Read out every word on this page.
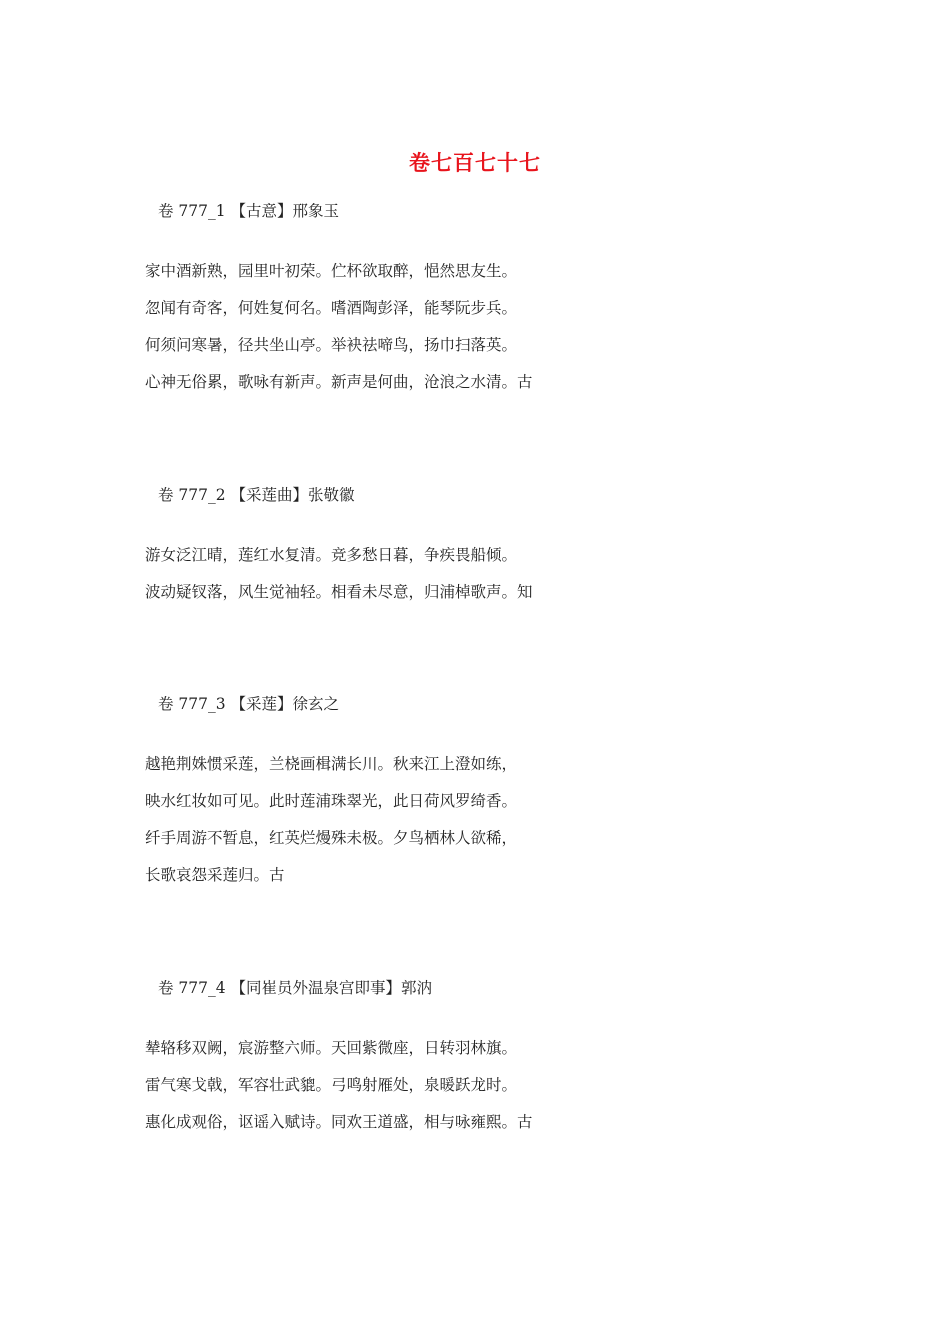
卷七百七十七
卷 777_1 【古意】邢象玉
家中酒新熟，园里叶初荣。伫杯欲取醉，悒然思友生。
忽闻有奇客，何姓复何名。嗜酒陶彭泽，能琴阮步兵。
何须问寒暑，径共坐山亭。举袂祛啼鸟，扬巾扫落英。
心神无俗累，歌咏有新声。新声是何曲，沧浪之水清。古
卷 777_2 【采莲曲】张敬徽
游女泛江晴，莲红水复清。竞多愁日暮，争疾畏船倾。
波动疑钗落，风生觉袖轻。相看未尽意，归浦棹歌声。知
卷 777_3 【采莲】徐玄之
越艳荆姝惯采莲，兰桡画楫满长川。秋来江上澄如练，
映水红妆如可见。此时莲浦珠翠光，此日荷风罗绮香。
纤手周游不暂息，红英烂熳殊未极。夕鸟栖林人欲稀，
长歌哀怨采莲归。古
卷 777_4 【同崔员外温泉宫即事】郭汭
辇辂移双阙，宸游整六师。天回紫微座，日转羽林旗。
雷气寒戈戟，军容壮武貔。弓鸣射雁处，泉暖跃龙时。
惠化成观俗，讴谣入赋诗。同欢王道盛，相与咏雍熙。古
